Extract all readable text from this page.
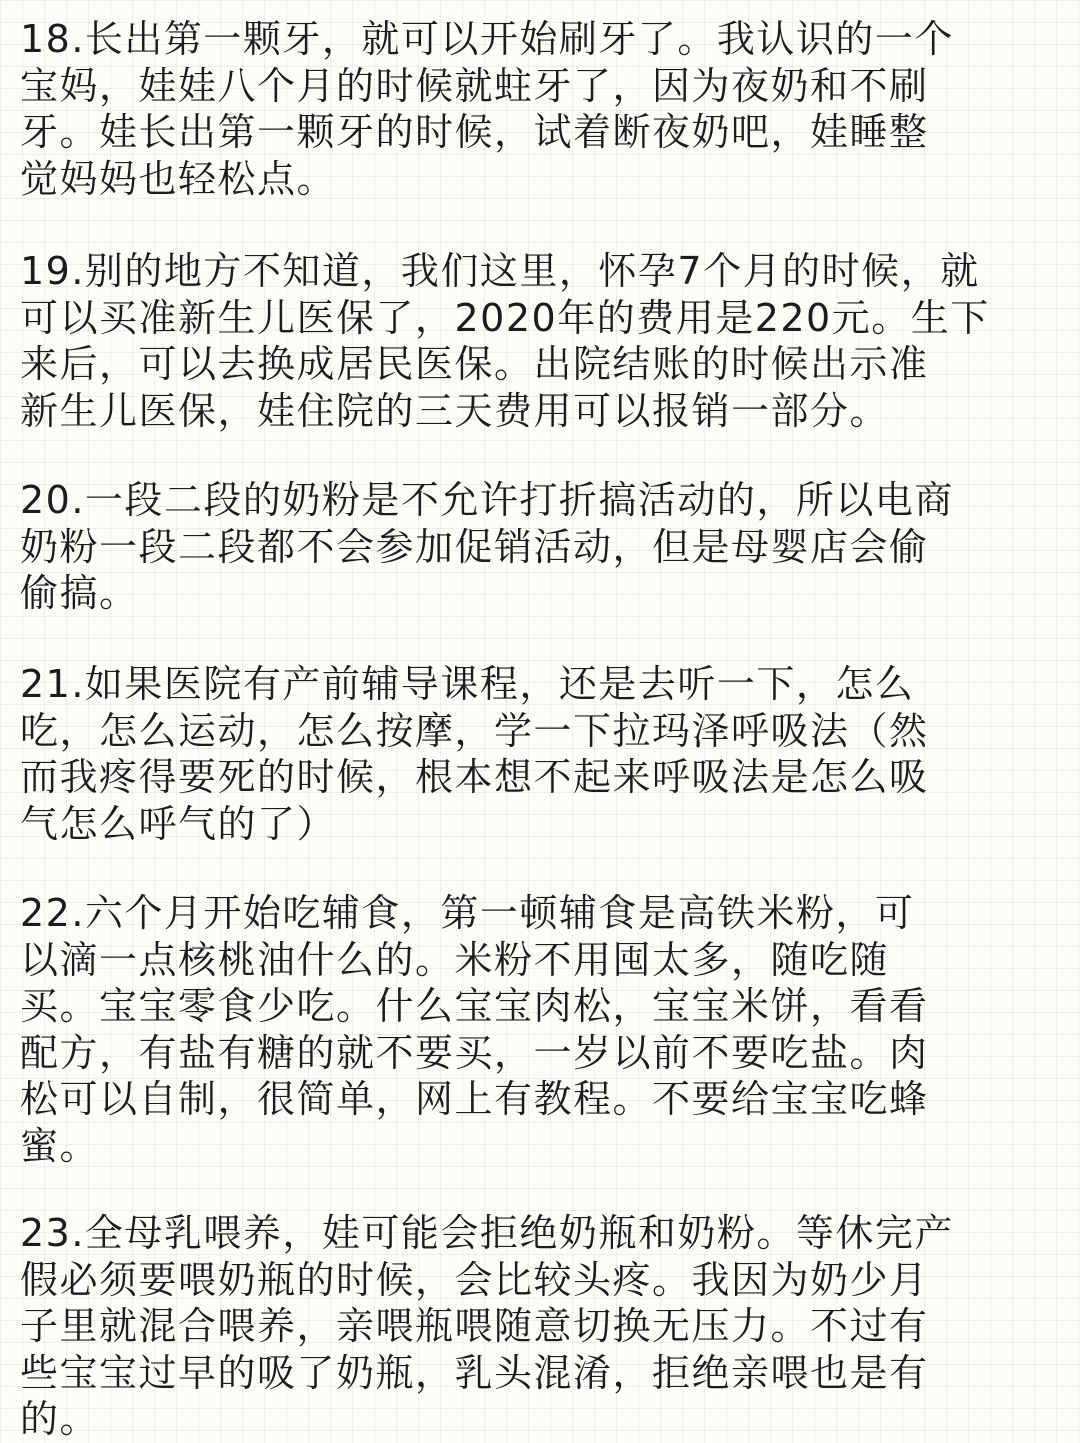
18.长出第一颗牙，就可以开始刷牙了。我认识的一个
宝妈，娃娃八个月的时候就蛀牙了，因为夜奶和不刷
牙。娃长出第一颗牙的时候，试着断夜奶吧，娃睡整
觉妈妈也轻松点。

19.别的地方不知道，我们这里，怀孕7个月的时候，就
可以买准新生儿医保了，2020年的费用是220元。生下
来后，可以去换成居民医保。出院结账的时候出示准
新生儿医保，娃住院的三天费用可以报销一部分。

20.一段二段的奶粉是不允许打折搞活动的，所以电商
奶粉一段二段都不会参加促销活动，但是母婴店会偷
偷搞。

21.如果医院有产前辅导课程，还是去听一下，怎么
吃，怎么运动，怎么按摩，学一下拉玛泽呼吸法（然
而我疼得要死的时候，根本想不起来呼吸法是怎么吸
气怎么呼气的了）

22.六个月开始吃辅食，第一顿辅食是高铁米粉，可
以滴一点核桃油什么的。米粉不用囤太多，随吃随
买。宝宝零食少吃。什么宝宝肉松，宝宝米饼，看看
配方，有盐有糖的就不要买，一岁以前不要吃盐。肉
松可以自制，很简单，网上有教程。不要给宝宝吃蜂
蜜。

23.全母乳喂养，娃可能会拒绝奶瓶和奶粉。等休完产
假必须要喂奶瓶的时候，会比较头疼。我因为奶少月
子里就混合喂养，亲喂瓶喂随意切换无压力。不过有
些宝宝过早的吸了奶瓶，乳头混淆，拒绝亲喂也是有
的。
